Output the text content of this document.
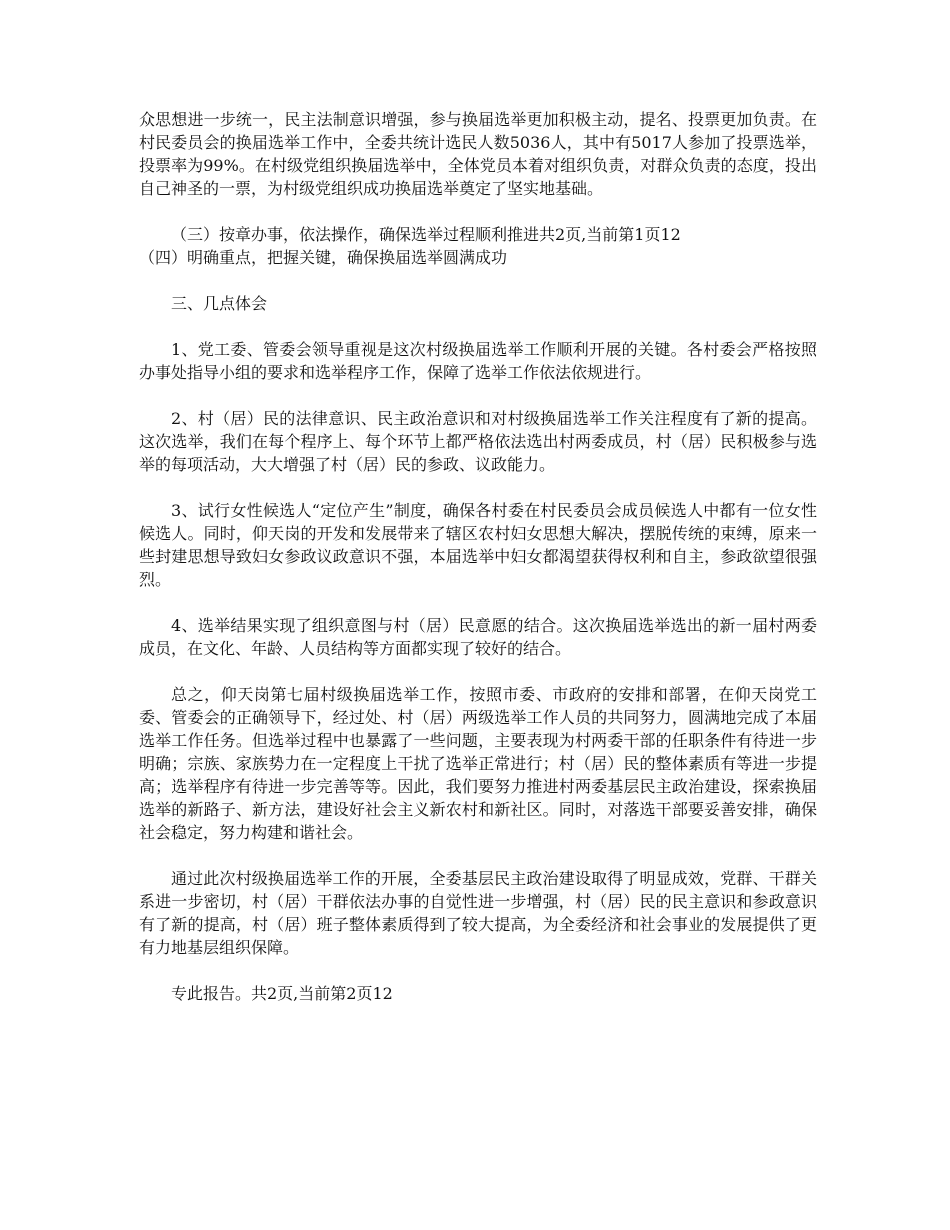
众思想进一步统一，民主法制意识增强，参与换届选举更加积极主动，提名、投票更加负责。在村民委员会的换届选举工作中，全委共统计选民人数5036人，其中有5017人参加了投票选举，投票率为99%。在村级党组织换届选举中，全体党员本着对组织负责，对群众负责的态度，投出自己神圣的一票，为村级党组织成功换届选举奠定了坚实地基础。

（三）按章办事，依法操作，确保选举过程顺利推进共2页,当前第1页12
（四）明确重点，把握关键，确保换届选举圆满成功

三、几点体会

1、党工委、管委会领导重视是这次村级换届选举工作顺利开展的关键。各村委会严格按照办事处指导小组的要求和选举程序工作，保障了选举工作依法依规进行。

2、村（居）民的法律意识、民主政治意识和对村级换届选举工作关注程度有了新的提高。这次选举，我们在每个程序上、每个环节上都严格依法选出村两委成员，村（居）民积极参与选举的每项活动，大大增强了村（居）民的参政、议政能力。

3、试行女性候选人“定位产生”制度，确保各村委在村民委员会成员候选人中都有一位女性候选人。同时，仰天岗的开发和发展带来了辖区农村妇女思想大解决，摆脱传统的束缚，原来一些封建思想导致妇女参政议政意识不强，本届选举中妇女都渴望获得权利和自主，参政欲望很强烈。

4、选举结果实现了组织意图与村（居）民意愿的结合。这次换届选举选出的新一届村两委成员，在文化、年龄、人员结构等方面都实现了较好的结合。

总之，仰天岗第七届村级换届选举工作，按照市委、市政府的安排和部署，在仰天岗党工委、管委会的正确领导下，经过处、村（居）两级选举工作人员的共同努力，圆满地完成了本届选举工作任务。但选举过程中也暴露了一些问题，主要表现为村两委干部的任职条件有待进一步明确；宗族、家族势力在一定程度上干扰了选举正常进行；村（居）民的整体素质有等进一步提高；选举程序有待进一步完善等等。因此，我们要努力推进村两委基层民主政治建设，探索换届选举的新路子、新方法，建设好社会主义新农村和新社区。同时，对落选干部要妥善安排，确保社会稳定，努力构建和谐社会。

通过此次村级换届选举工作的开展，全委基层民主政治建设取得了明显成效，党群、干群关系进一步密切，村（居）干群依法办事的自觉性进一步增强，村（居）民的民主意识和参政意识有了新的提高，村（居）班子整体素质得到了较大提高，为全委经济和社会事业的发展提供了更有力地基层组织保障。

专此报告。共2页,当前第2页12
